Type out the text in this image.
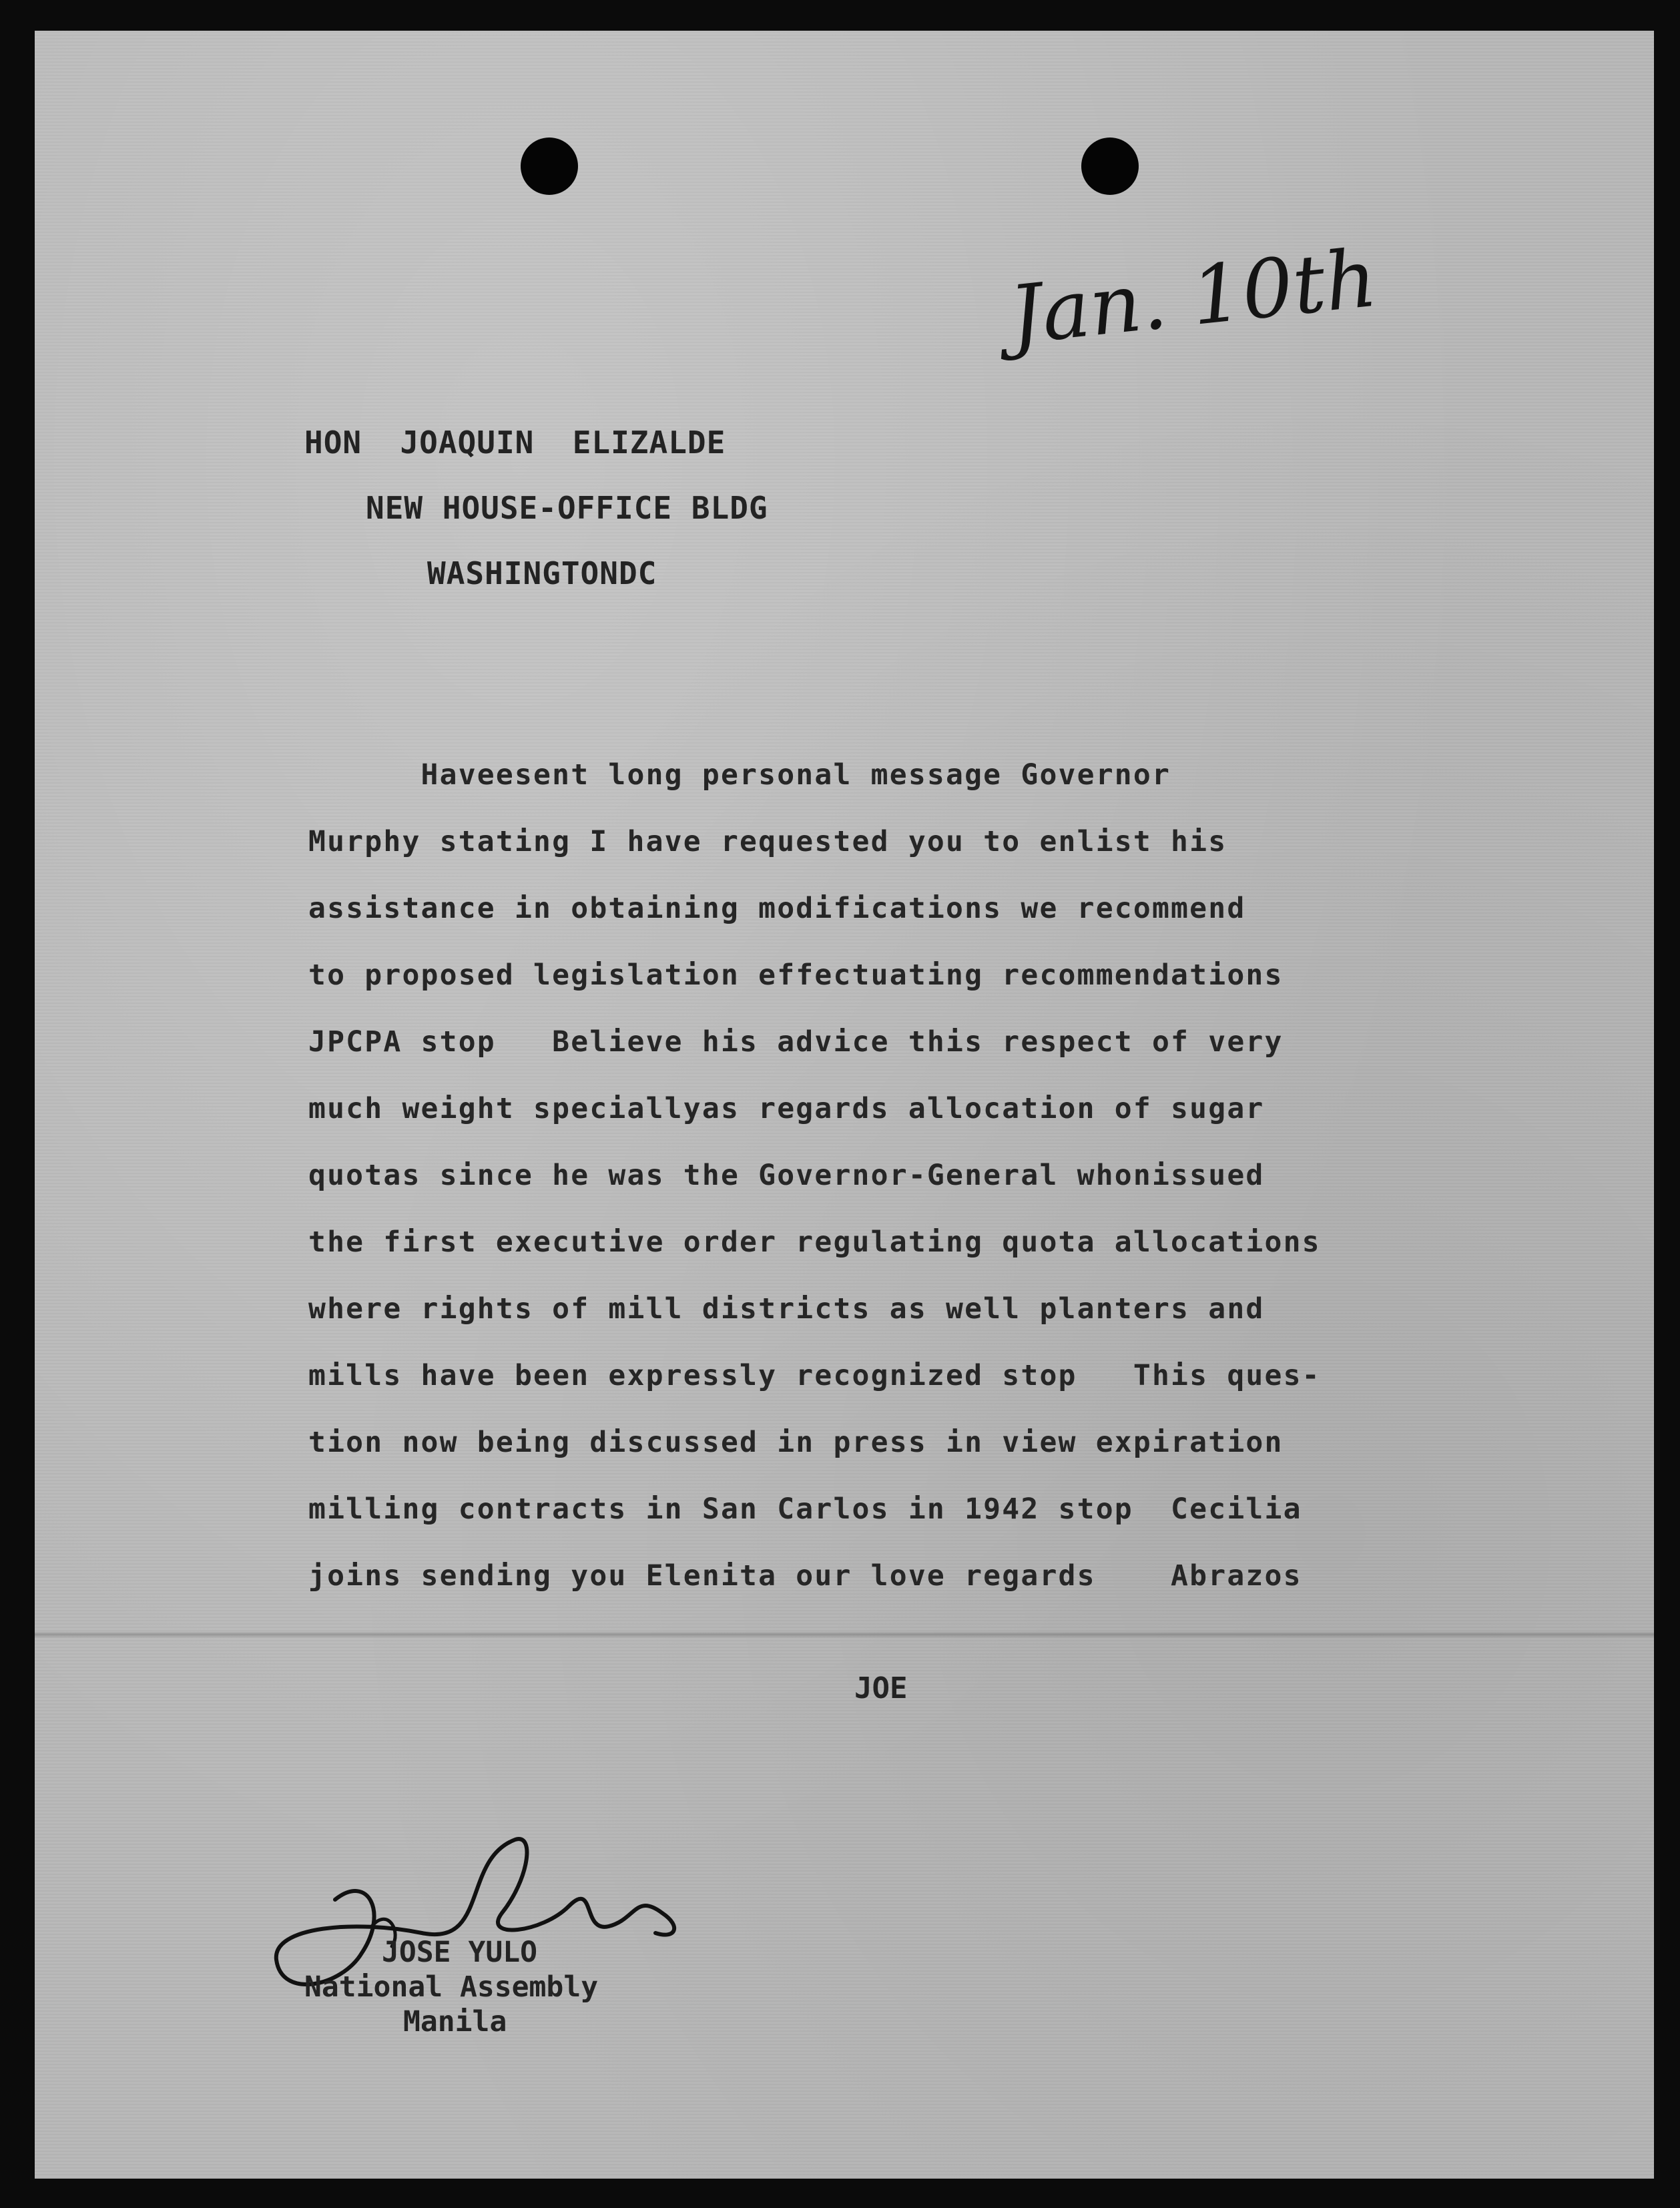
Jan. 10th
HON  JOAQUIN  ELIZALDE
NEW HOUSE-OFFICE BLDG
WASHINGTONDC
Haveesent long personal message Governor
Murphy stating I have requested you to enlist his
assistance in obtaining modifications we recommend
to proposed legislation effectuating recommendations
JPCPA stop   Believe his advice this respect of very
much weight speciallyas regards allocation of sugar
quotas since he was the Governor-General whonissued
the first executive order regulating quota allocations
where rights of mill districts as well planters and
mills have been expressly recognized stop   This ques-
tion now being discussed in press in view expiration
milling contracts in San Carlos in 1942 stop  Cecilia
joins sending you Elenita our love regards    Abrazos
JOE
JOSE YULO
National Assembly
Manila
